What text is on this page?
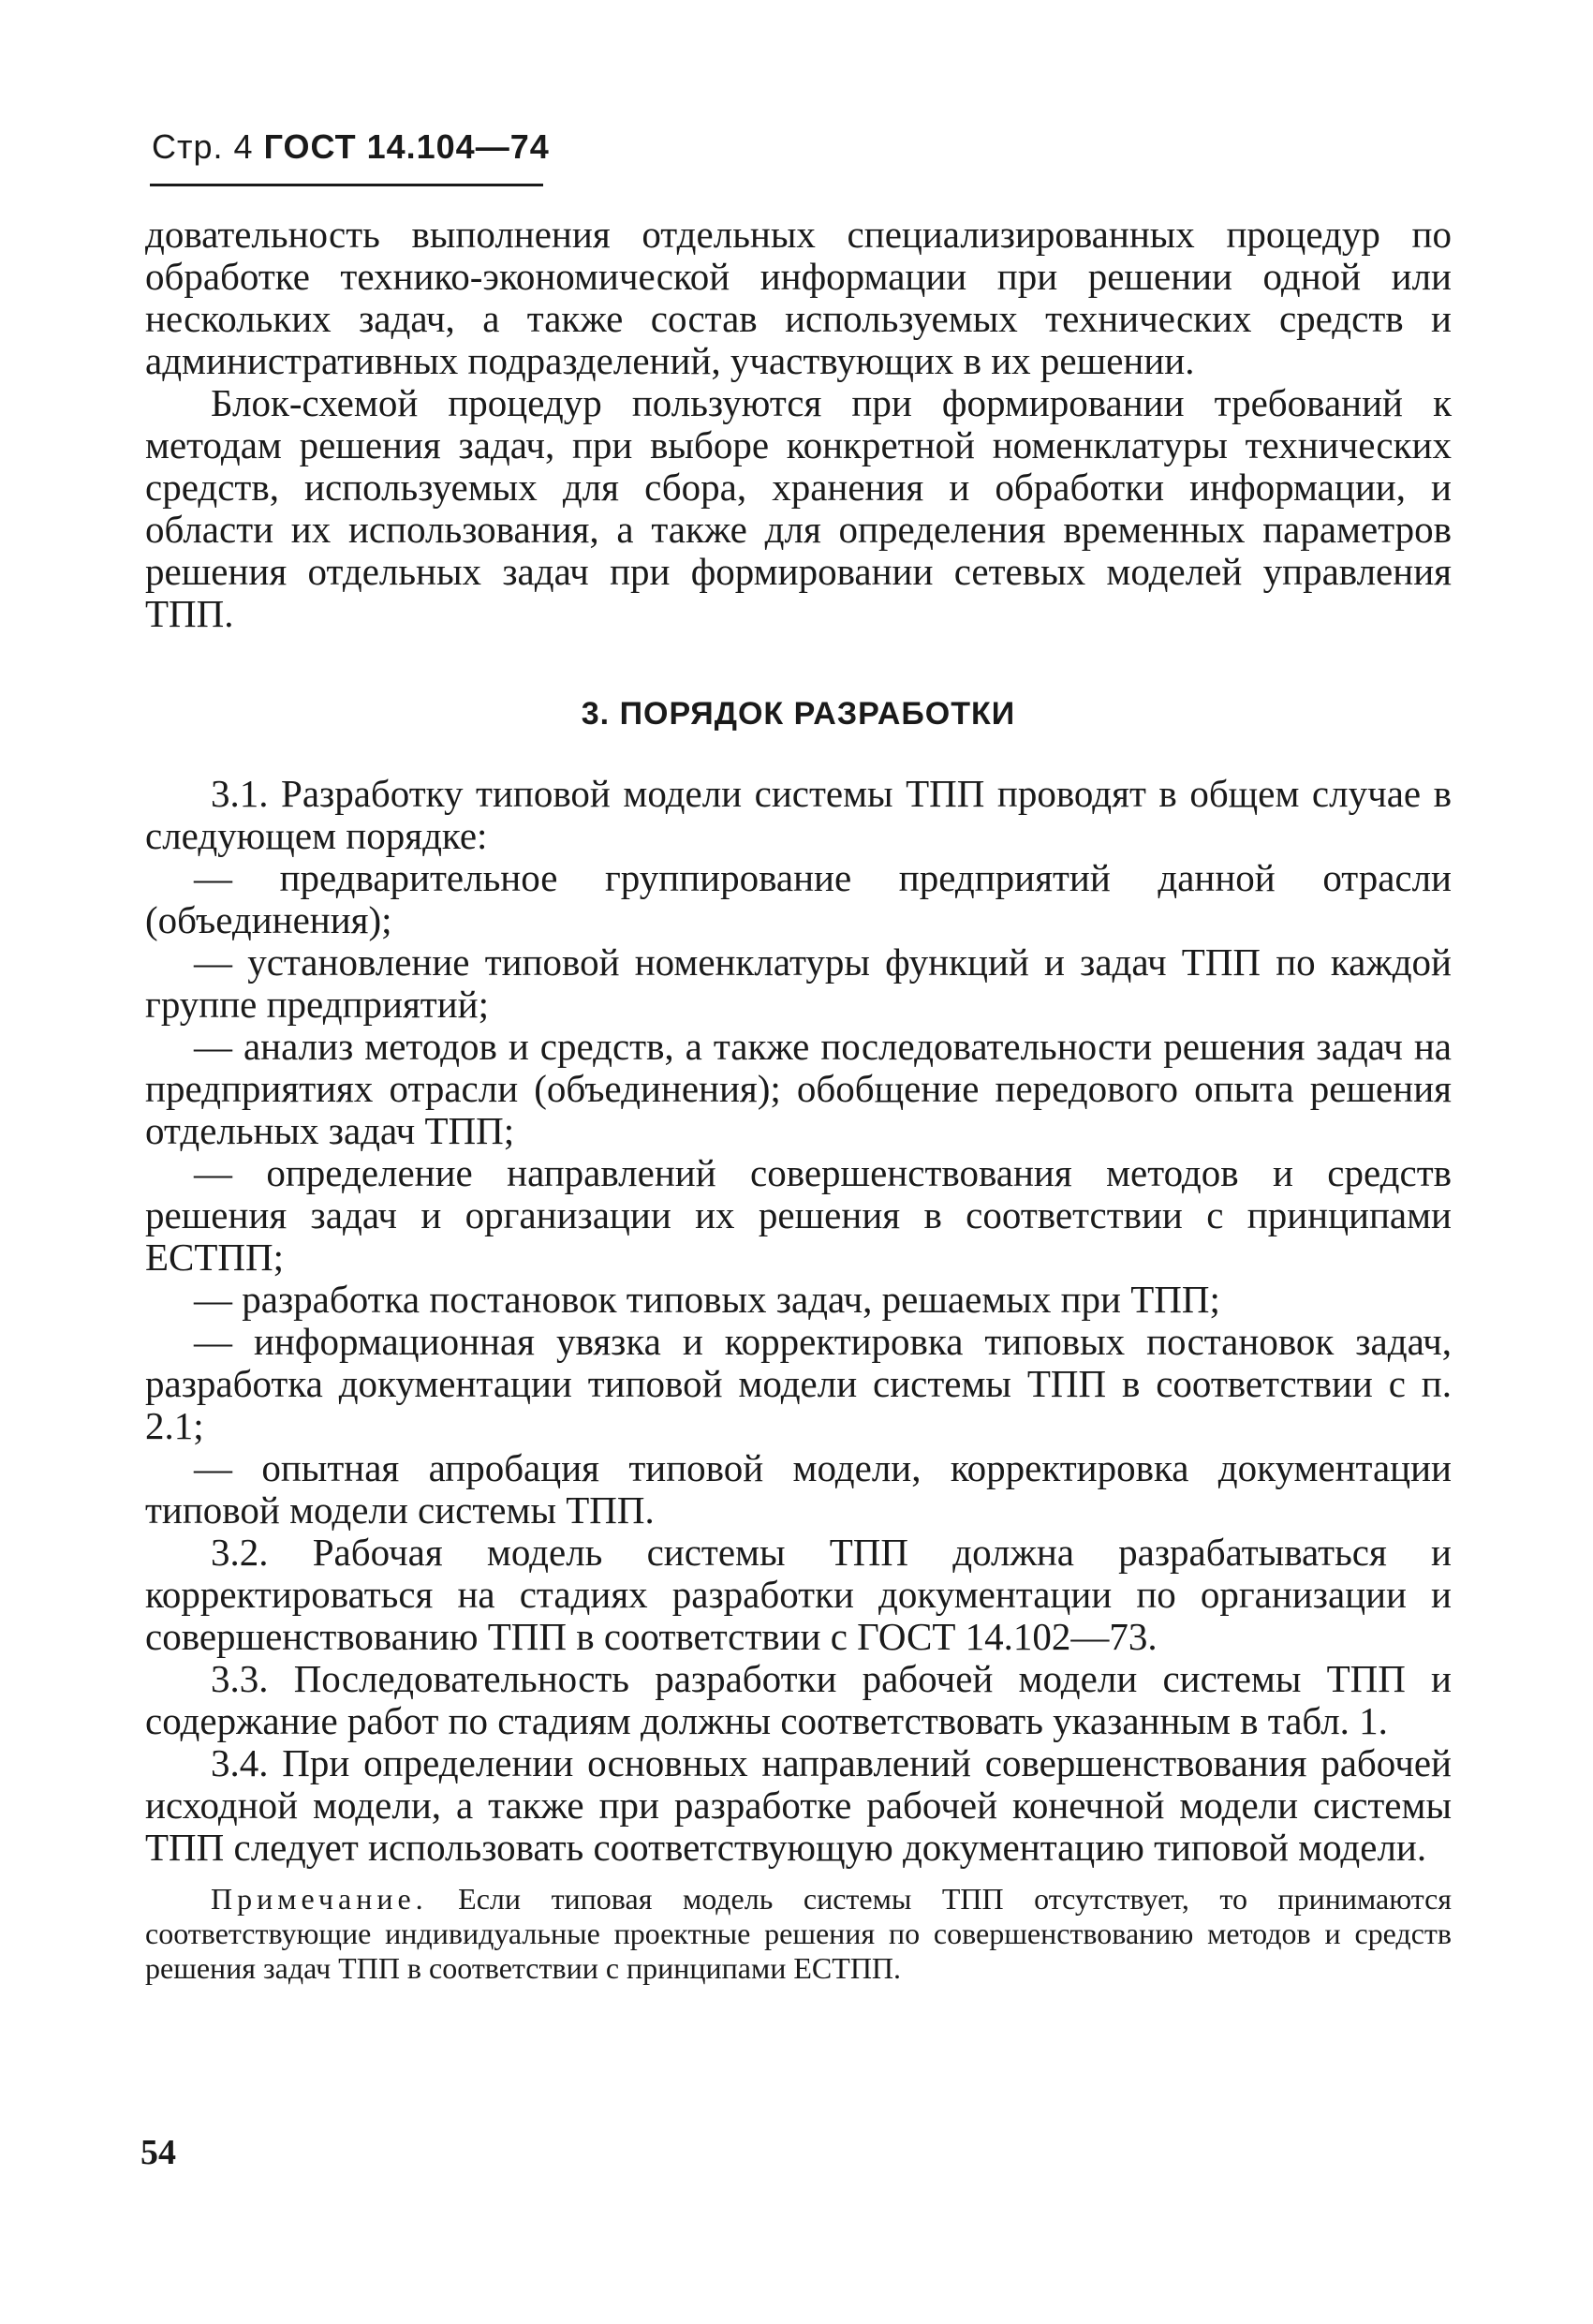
Стр. 4 ГОСТ 14.104—74

довательность выполнения отдельных специализированных процедур по обработке технико-экономической информации при решении одной или нескольких задач, а также состав используемых технических средств и административных подразделений, участвующих в их решении.

Блок-схемой процедур пользуются при формировании требований к методам решения задач, при выборе конкретной номенклатуры технических средств, используемых для сбора, хранения и обработки информации, и области их использования, а также для определения временных параметров решения отдельных задач при формировании сетевых моделей управления ТПП.

3. ПОРЯДОК РАЗРАБОТКИ

3.1. Разработку типовой модели системы ТПП проводят в общем случае в следующем порядке:

— предварительное группирование предприятий данной отрасли (объединения);

— установление типовой номенклатуры функций и задач ТПП по каждой группе предприятий;

— анализ методов и средств, а также последовательности решения задач на предприятиях отрасли (объединения); обобщение передового опыта решения отдельных задач ТПП;

— определение направлений совершенствования методов и средств решения задач и организации их решения в соответствии с принципами ЕСТПП;

— разработка постановок типовых задач, решаемых при ТПП;

— информационная увязка и корректировка типовых постановок задач, разработка документации типовой модели системы ТПП в соответствии с п. 2.1;

— опытная апробация типовой модели, корректировка документации типовой модели системы ТПП.

3.2. Рабочая модель системы ТПП должна разрабатываться и корректироваться на стадиях разработки документации по организации и совершенствованию ТПП в соответствии с ГОСТ 14.102—73.

3.3. Последовательность разработки рабочей модели системы ТПП и содержание работ по стадиям должны соответствовать указанным в табл. 1.

3.4. При определении основных направлений совершенствования рабочей исходной модели, а также при разработке рабочей конечной модели системы ТПП следует использовать соответствующую документацию типовой модели.

Примечание. Если типовая модель системы ТПП отсутствует, то принимаются соответствующие индивидуальные проектные решения по совершенствованию методов и средств решения задач ТПП в соответствии с принципами ЕСТПП.

54
